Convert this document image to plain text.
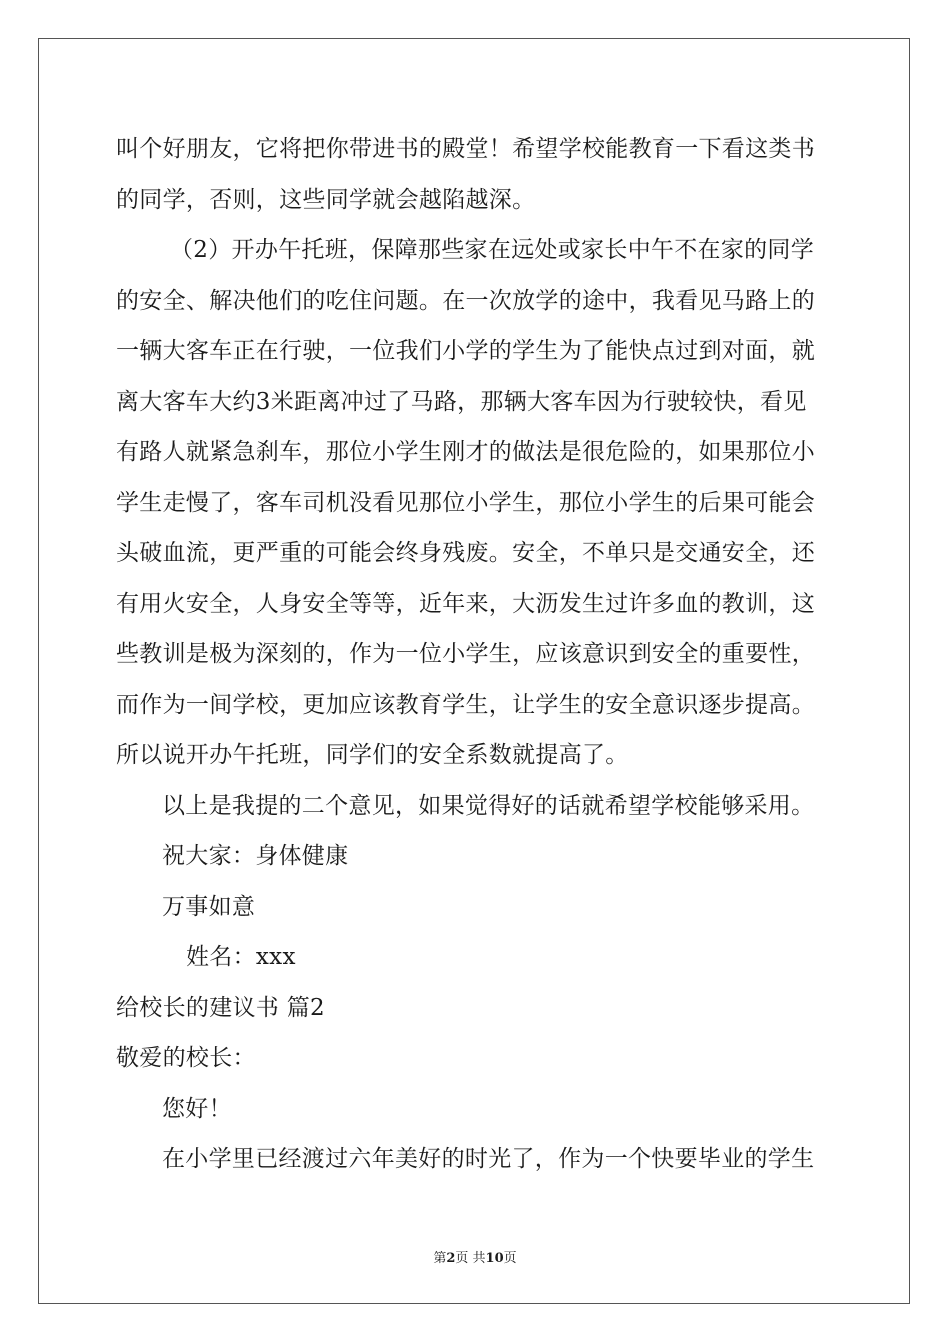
叫个好朋友，它将把你带进书的殿堂！希望学校能教育一下看这类书
的同学，否则，这些同学就会越陷越深。
（2）开办午托班，保障那些家在远处或家长中午不在家的同学
的安全、解决他们的吃住问题。在一次放学的途中，我看见马路上的
一辆大客车正在行驶，一位我们小学的学生为了能快点过到对面，就
离大客车大约3米距离冲过了马路，那辆大客车因为行驶较快，看见
有路人就紧急刹车，那位小学生刚才的做法是很危险的，如果那位小
学生走慢了，客车司机没看见那位小学生，那位小学生的后果可能会
头破血流，更严重的可能会终身残废。安全，不单只是交通安全，还
有用火安全，人身安全等等，近年来，大沥发生过许多血的教训，这
些教训是极为深刻的，作为一位小学生，应该意识到安全的重要性，
而作为一间学校，更加应该教育学生，让学生的安全意识逐步提高。
所以说开办午托班，同学们的安全系数就提高了。
以上是我提的二个意见，如果觉得好的话就希望学校能够采用。
祝大家：身体健康
万事如意
姓名：xxx
给校长的建议书 篇2
敬爱的校长：
您好！
在小学里已经渡过六年美好的时光了，作为一个快要毕业的学生
第2页 共10页
